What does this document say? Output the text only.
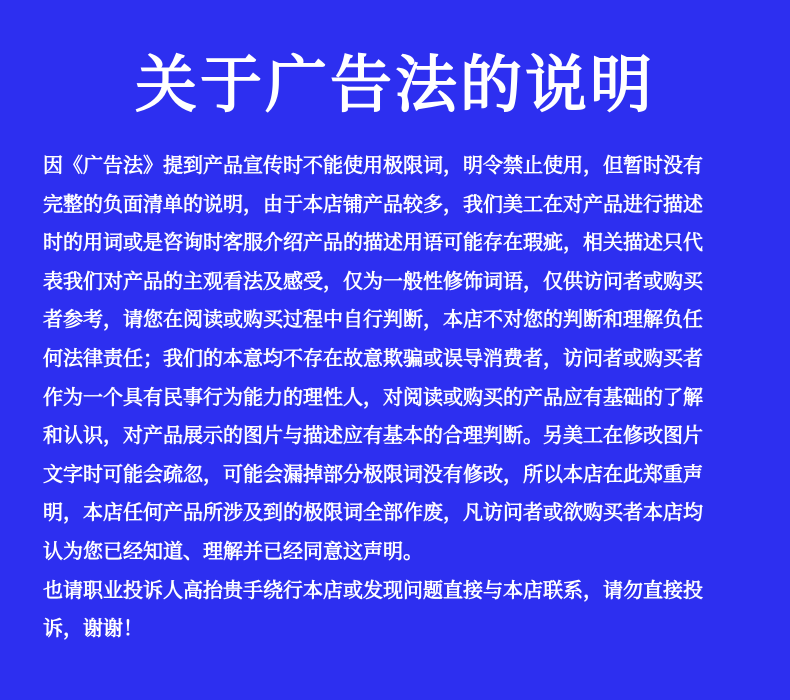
关于广告法的说明

因《广告法》提到产品宣传时不能使用极限词，明令禁止使用，但暂时没有

完整的负面清单的说明，由于本店铺产品较多，我们美工在对产品进行描述

时的用词或是咨询时客服介绍产品的描述用语可能存在瑕疵，相关描述只代

表我们对产品的主观看法及感受，仅为一般性修饰词语，仅供访问者或购买

者参考，请您在阅读或购买过程中自行判断，本店不对您的判断和理解负任

何法律责任；我们的本意均不存在故意欺骗或误导消费者，访问者或购买者

作为一个具有民事行为能力的理性人，对阅读或购买的产品应有基础的了解

和认识，对产品展示的图片与描述应有基本的合理判断。另美工在修改图片

文字时可能会疏忽，可能会漏掉部分极限词没有修改，所以本店在此郑重声

明，本店任何产品所涉及到的极限词全部作废，凡访问者或欲购买者本店均

认为您已经知道、理解并已经同意这声明。

也请职业投诉人高抬贵手绕行本店或发现问题直接与本店联系，请勿直接投

诉，谢谢！
